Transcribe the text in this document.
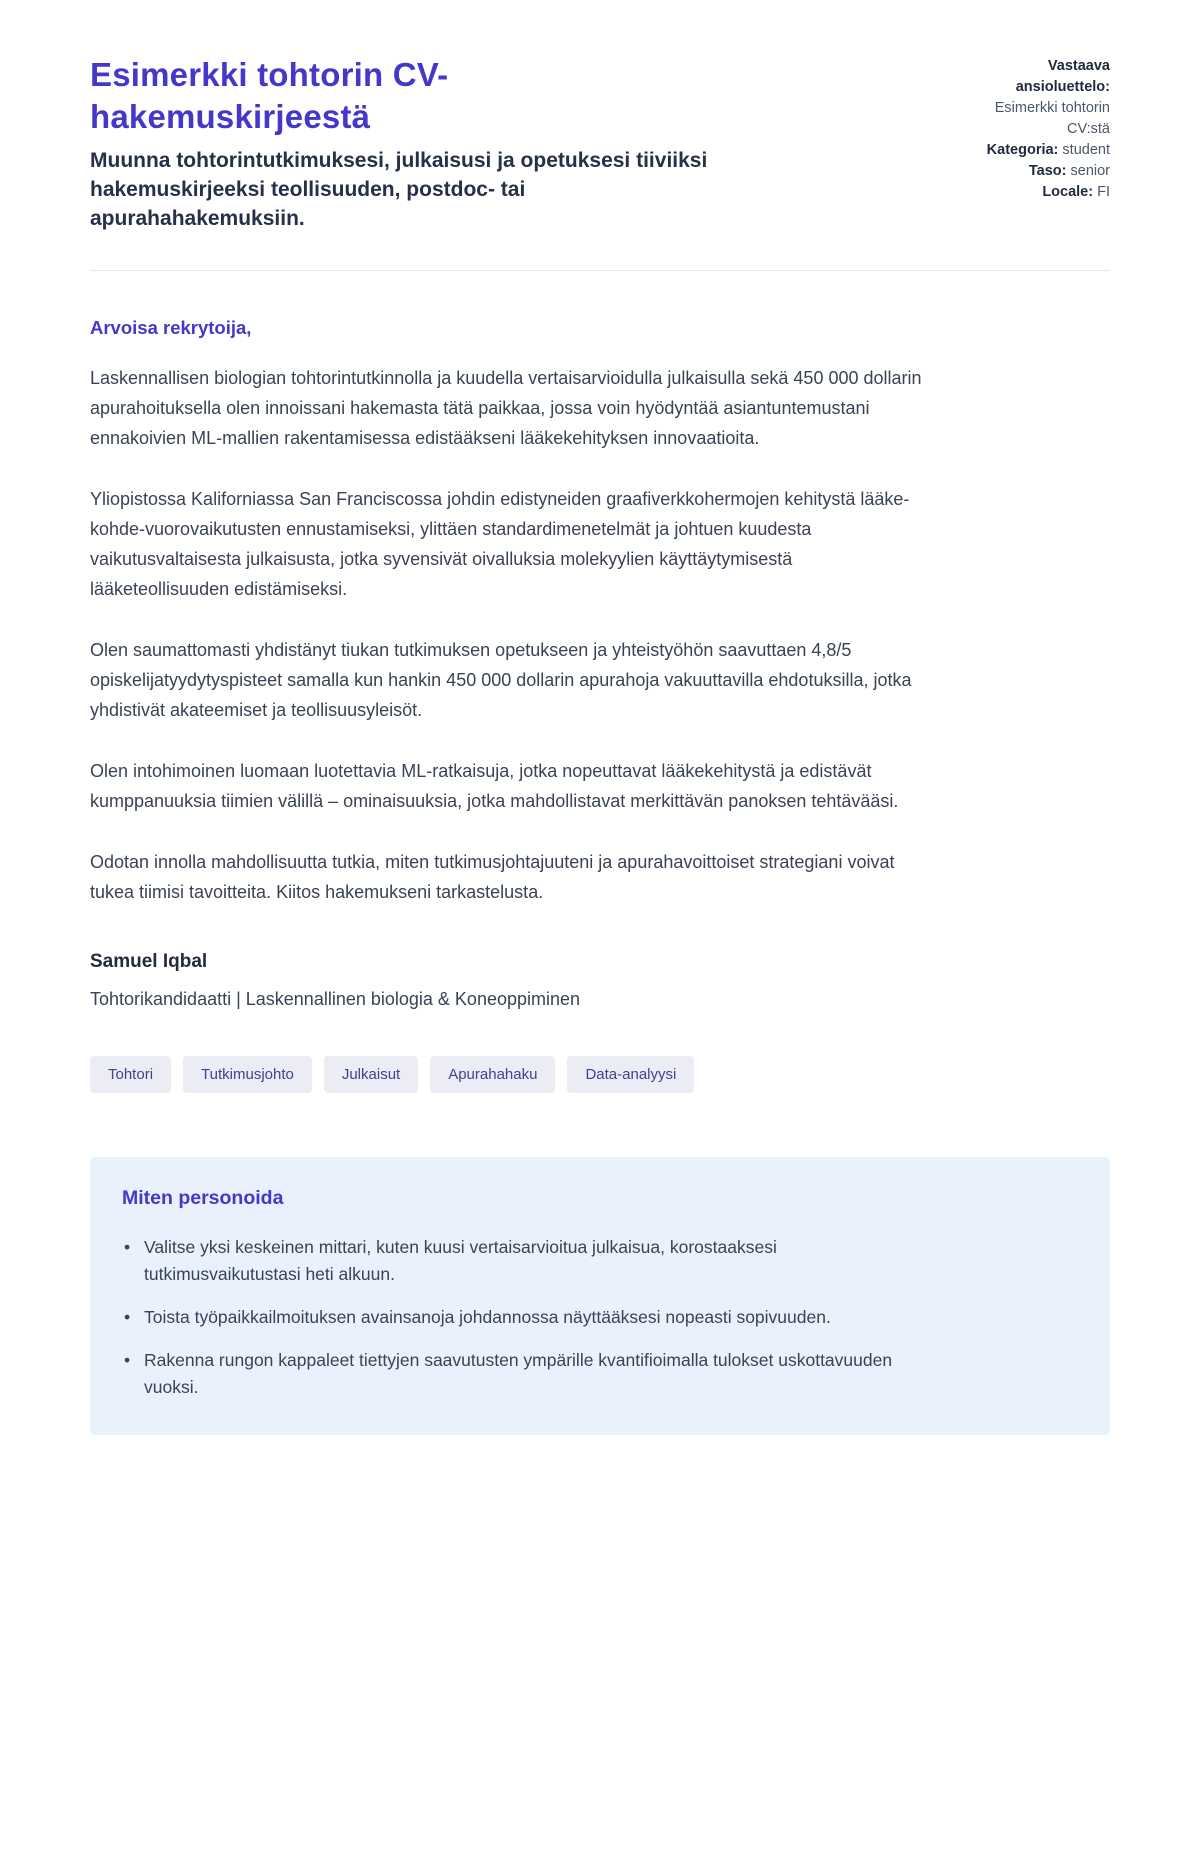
Esimerkki tohtorin CV-hakemuskirjeestä

Muunna tohtorintutkimuksesi, julkaisusi ja opetuksesi tiiviiksi hakemuskirjeeksi teollisuuden, postdoc- tai apurahahakemuksiin.

Vastaava ansioluettelo: Esimerkki tohtorin CV:stä
Kategoria: student
Taso: senior
Locale: FI

Arvoisa rekrytoija,

Laskennallisen biologian tohtorintutkinnolla ja kuudella vertaisarvioidulla julkaisulla sekä 450 000 dollarin apurahoituksella olen innoissani hakemasta tätä paikkaa, jossa voin hyödyntää asiantuntemustani ennakoivien ML-mallien rakentamisessa edistääkseni lääkekehityksen innovaatioita.

Yliopistossa Kaliforniassa San Franciscossa johdin edistyneiden graafiverkkohermojen kehitystä lääke-kohde-vuorovaikutusten ennustamiseksi, ylittäen standardimenetelmät ja johtuen kuudesta vaikutusvaltaisesta julkaisusta, jotka syvensivät oivalluksia molekyylien käyttäytymisestä lääketeollisuuden edistämiseksi.

Olen saumattomasti yhdistänyt tiukan tutkimuksen opetukseen ja yhteistyöhön saavuttaen 4,8/5 opiskelijatyydytyspisteet samalla kun hankin 450 000 dollarin apurahoja vakuuttavilla ehdotuksilla, jotka yhdistivät akateemiset ja teollisuusyleisöt.

Olen intohimoinen luomaan luotettavia ML-ratkaisuja, jotka nopeuttavat lääkekehitystä ja edistävät kumppanuuksia tiimien välillä – ominaisuuksia, jotka mahdollistavat merkittävän panoksen tehtävääsi.

Odotan innolla mahdollisuutta tutkia, miten tutkimusjohtajuuteni ja apurahavoittoiset strategiani voivat tukea tiimisi tavoitteita. Kiitos hakemukseni tarkastelusta.

Samuel Iqbal

Tohtorikandidaatti | Laskennallinen biologia & Koneoppiminen

Tohtori	Tutkimusjohto	Julkaisut	Apurahahaku	Data-analyysi
Miten personoida
• Valitse yksi keskeinen mittari, kuten kuusi vertaisarvioitua julkaisua, korostaaksesi tutkimusvaikutustasi heti alkuun.
• Toista työpaikkailmoituksen avainsanoja johdannossa näyttääksesi nopeasti sopivuuden.
• Rakenna rungon kappaleet tiettyjen saavutusten ympärille kvantifioimalla tulokset uskottavuuden vuoksi.
